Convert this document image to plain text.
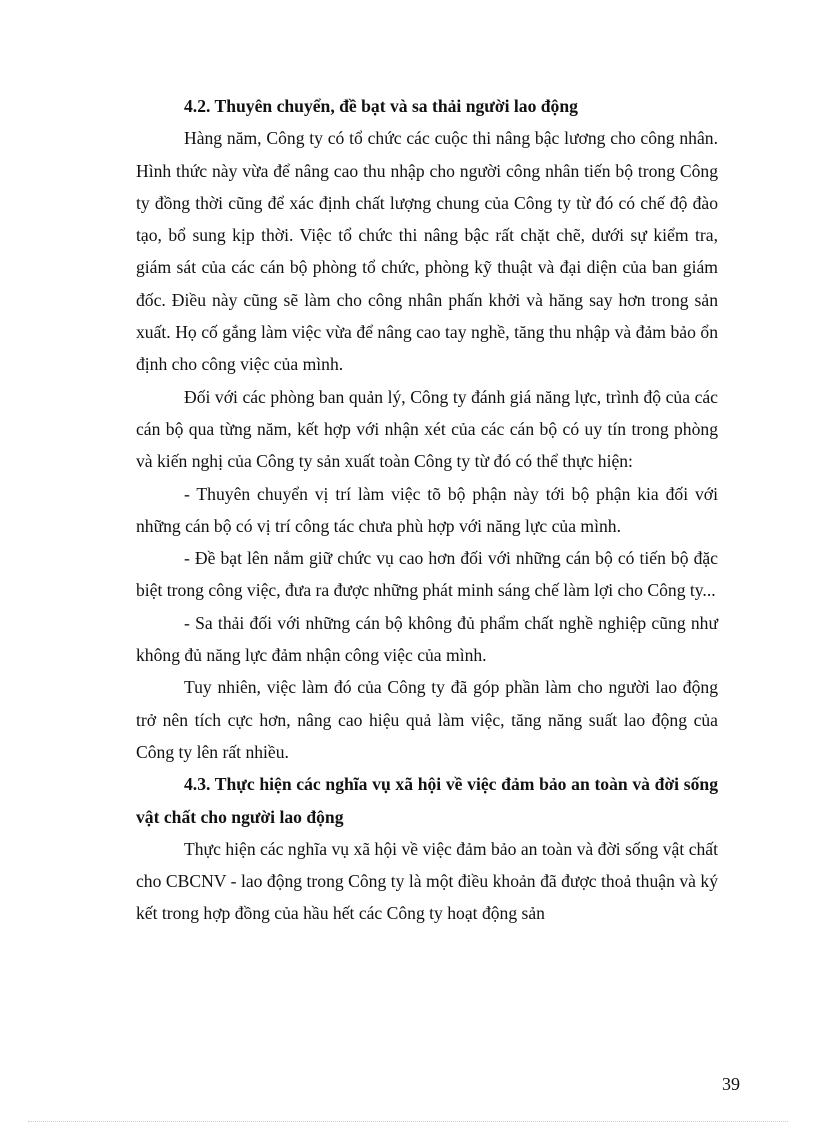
4.2. Thuyên chuyển, đề bạt và sa thải người lao động

Hàng năm, Công ty có tổ chức các cuộc thi nâng bậc lương cho công nhân. Hình thức này vừa để nâng cao thu nhập cho người công nhân tiến bộ trong Công ty đồng thời cũng để xác định chất lượng chung của Công ty từ đó có chế độ đào tạo, bổ sung kịp thời. Việc tổ chức thi nâng bậc rất chặt chẽ, dưới sự kiểm tra, giám sát của các cán bộ phòng tổ chức, phòng kỹ thuật và đại diện của ban giám đốc. Điều này cũng sẽ làm cho công nhân phấn khởi và hăng say hơn trong sản xuất. Họ cố gắng làm việc vừa để nâng cao tay nghề, tăng thu nhập và đảm bảo ổn định cho công việc của mình.

Đối với các phòng ban quản lý, Công ty đánh giá năng lực, trình độ của các cán bộ qua từng năm, kết hợp với nhận xét của các cán bộ có uy tín trong phòng và kiến nghị của Công ty sản xuất toàn Công ty từ đó có thể thực hiện:

- Thuyên chuyển vị trí làm việc tõ bộ phận này tới bộ phận kia đối với những cán bộ có vị trí công tác chưa phù hợp với năng lực của mình.

- Đề bạt lên nắm giữ chức vụ cao hơn đối với những cán bộ có tiến bộ đặc biệt trong công việc, đưa ra được những phát minh sáng chế làm lợi cho Công ty...

- Sa thải đối với những cán bộ không đủ phẩm chất nghề nghiệp cũng như không đủ năng lực đảm nhận công việc của mình.

Tuy nhiên, việc làm đó của Công ty đã góp phần làm cho người lao động trở nên tích cực hơn, nâng cao hiệu quả làm việc, tăng năng suất lao động của Công ty lên rất nhiều.

4.3. Thực hiện các nghĩa vụ xã hội về việc đảm bảo an toàn và đời sống vật chất cho người lao động

Thực hiện các nghĩa vụ xã hội về việc đảm bảo an toàn và đời sống vật chất cho CBCNV - lao động trong Công ty là một điều khoản đã được thoả thuận và ký kết trong hợp đồng của hầu hết các Công ty hoạt động sản

39
